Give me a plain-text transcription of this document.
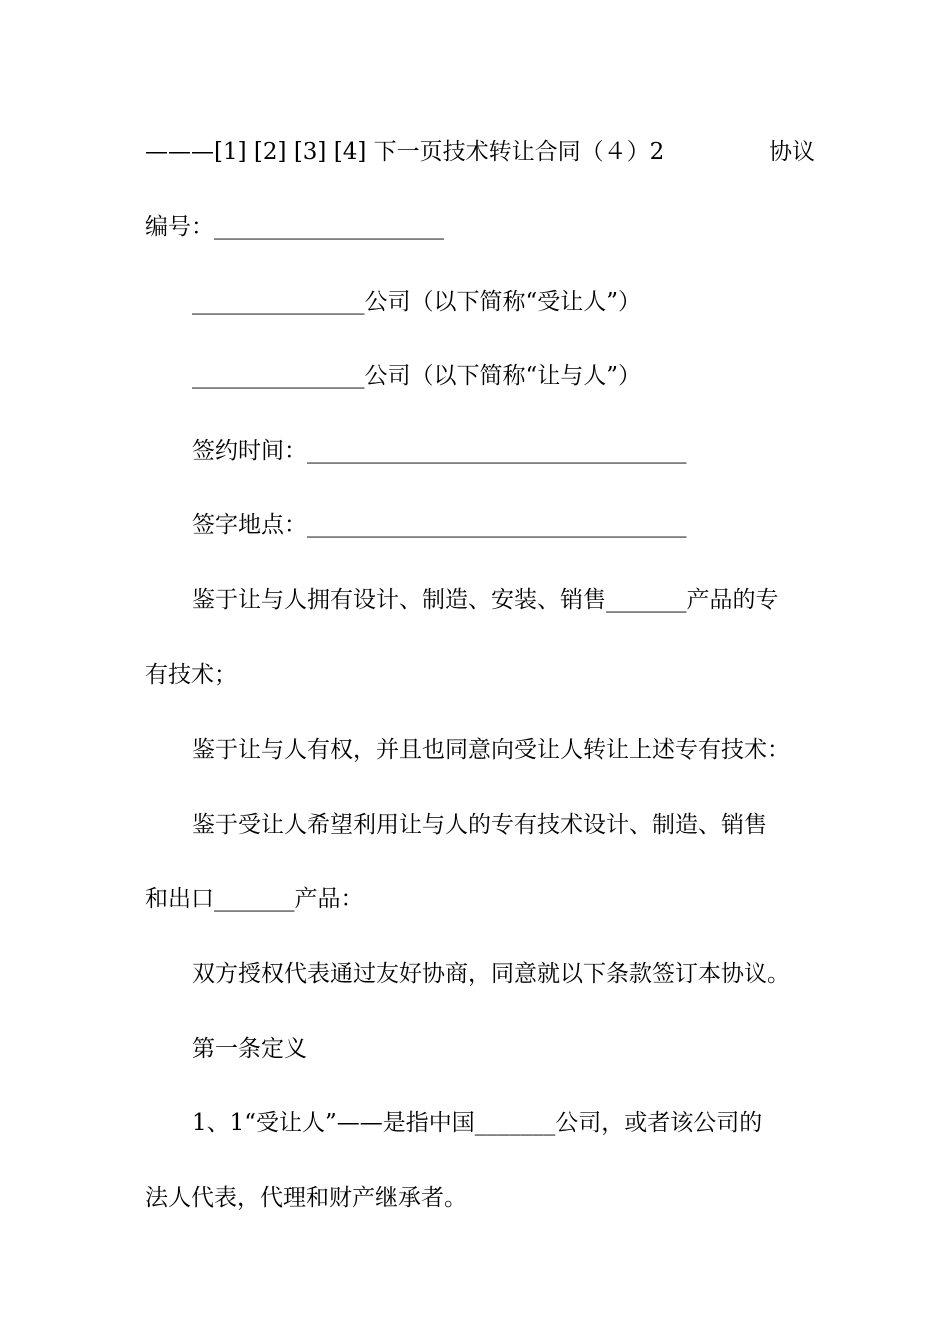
———[1] [2] [3] [4] 下一页技术转让合同（４）2	协议
编号：____________________
_______________公司（以下简称“受让人”）
_______________公司（以下简称“让与人”）
签约时间：_________________________________
签字地点：_________________________________
鉴于让与人拥有设计、制造、安装、销售_______产品的专
有技术；
鉴于让与人有权，并且也同意向受让人转让上述专有技术：
鉴于受让人希望利用让与人的专有技术设计、制造、销售
和出口_______产品：
双方授权代表通过友好协商，同意就以下条款签订本协议。
第一条定义
1、1“受让人”——是指中国_______公司，或者该公司的
法人代表，代理和财产继承者。
